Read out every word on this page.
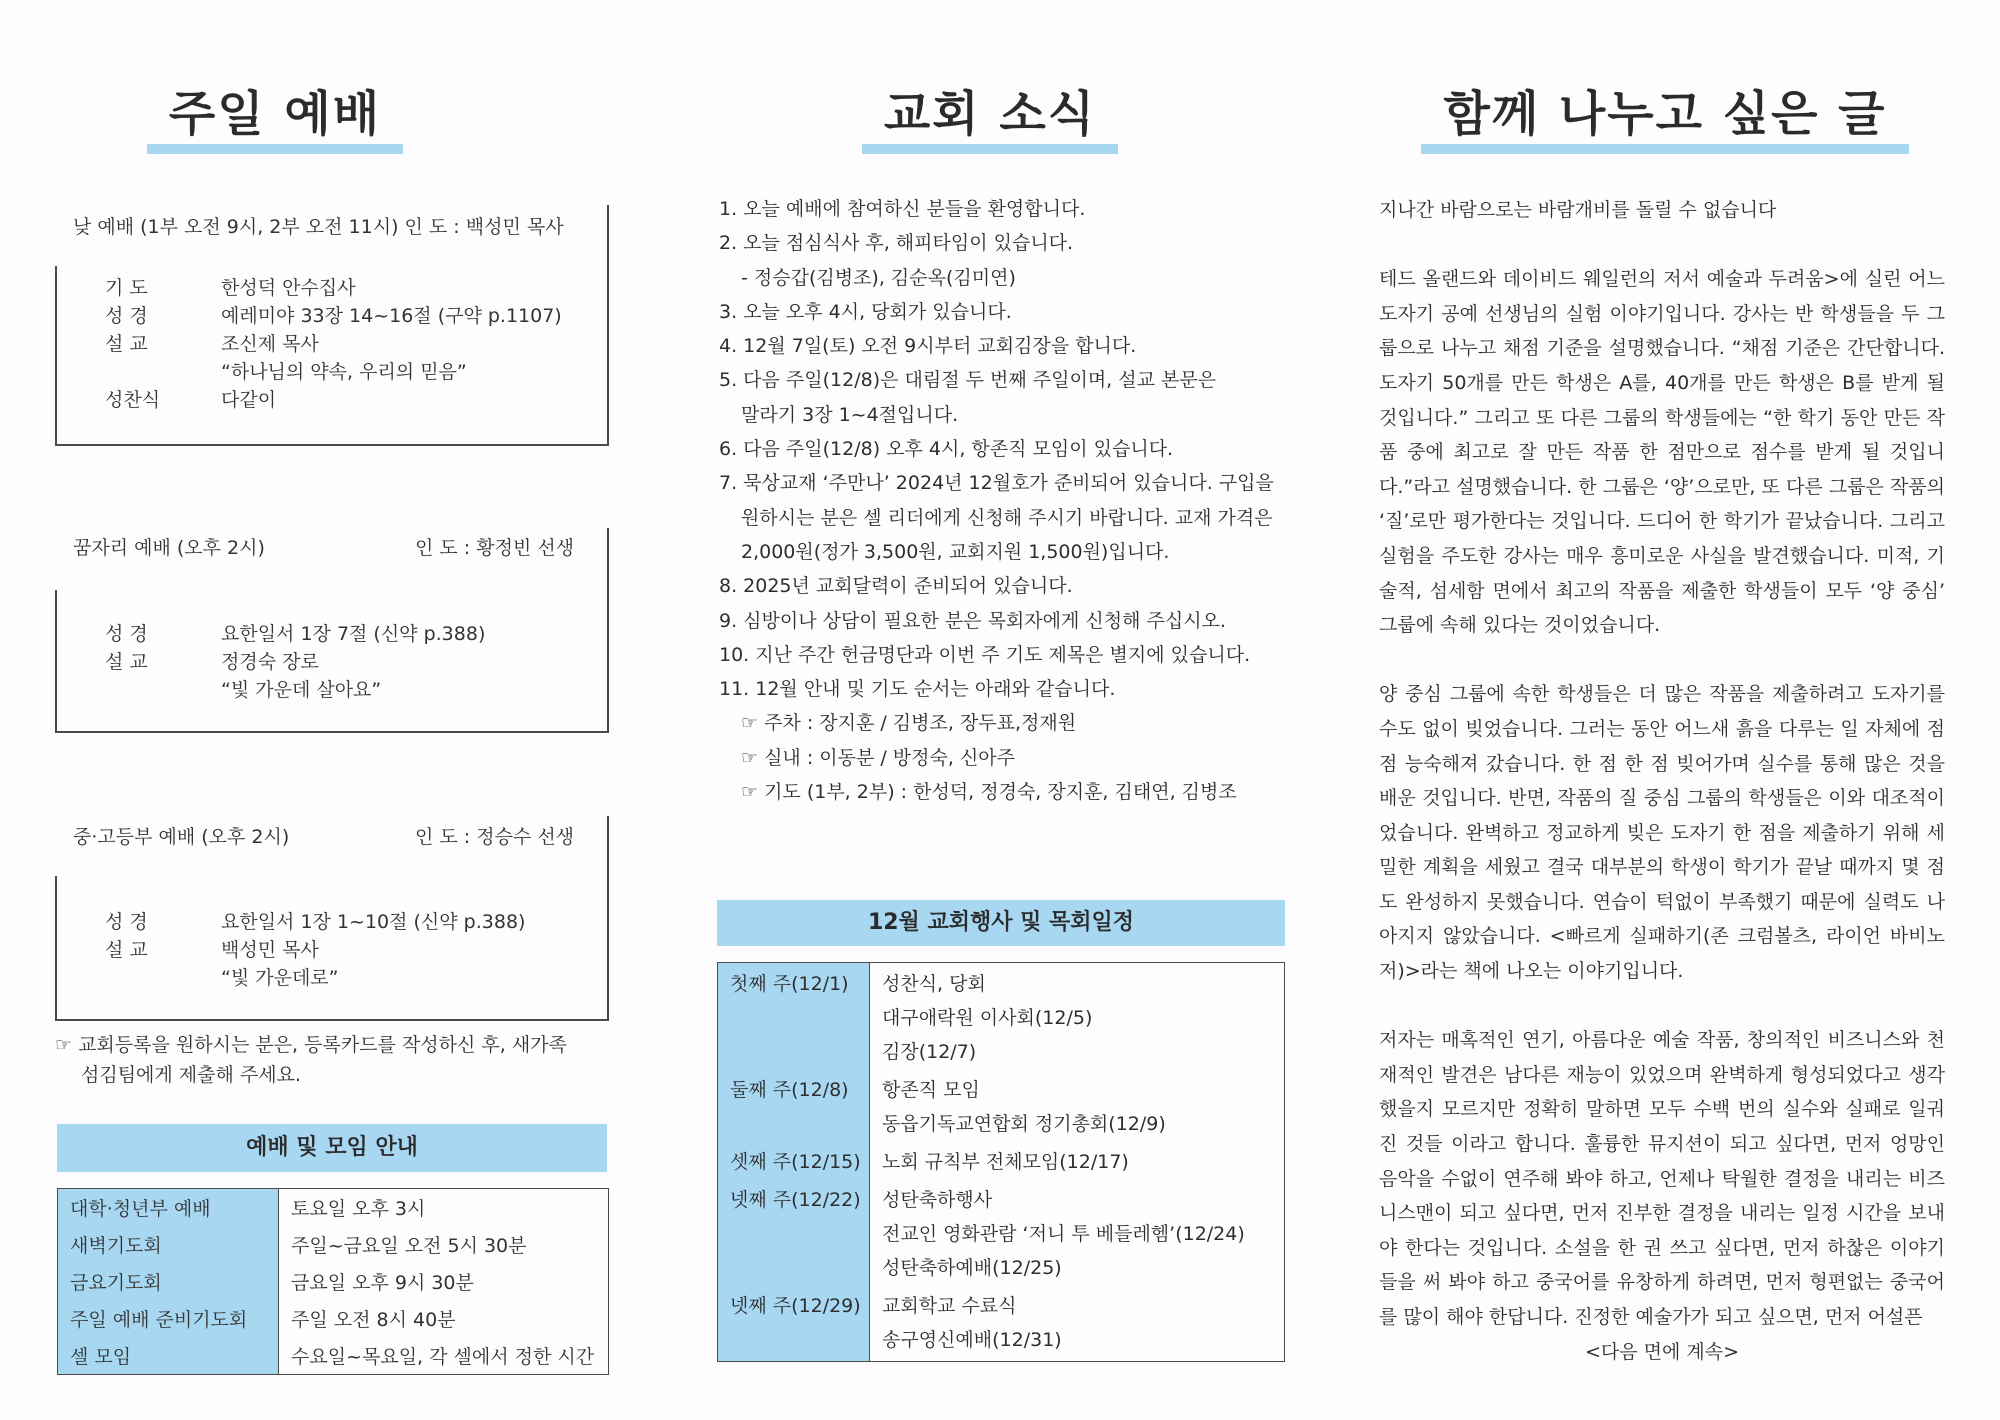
주일 예배
낮 예배 (1부 오전 9시, 2부 오전 11시) 인 도 : 백성민 목사
기 도	한성덕 안수집사
성 경	예레미야 33장 14~16절 (구약 p.1107)
설 교	조신제 목사
“하나님의 약속, 우리의 믿음”
성찬식	다같이
꿈자리 예배 (오후 2시)	인 도 : 황정빈 선생
성 경	요한일서 1장 7절 (신약 p.388)
설 교	정경숙 장로
“빛 가운데 살아요”
중·고등부 예배 (오후 2시)	인 도 : 정승수 선생
성 경	요한일서 1장 1~10절 (신약 p.388)
설 교	백성민 목사
“빛 가운데로”
☞ 교회등록을 원하시는 분은, 등록카드를 작성하신 후, 새가족
섬김팀에게 제출해 주세요.
예배 및 모임 안내
대학·청년부 예배	토요일 오후 3시
새벽기도회	주일~금요일 오전 5시 30분
금요기도회	금요일 오후 9시 30분
주일 예배 준비기도회	주일 오전 8시 40분
셀 모임	수요일~목요일, 각 셀에서 정한 시간
교회 소식
1. 오늘 예배에 참여하신 분들을 환영합니다.
2. 오늘 점심식사 후, 해피타임이 있습니다.
- 정승갑(김병조), 김순옥(김미연)
3. 오늘 오후 4시, 당회가 있습니다.
4. 12월 7일(토) 오전 9시부터 교회김장을 합니다.
5. 다음 주일(12/8)은 대림절 두 번째 주일이며, 설교 본문은
말라기 3장 1~4절입니다.
6. 다음 주일(12/8) 오후 4시, 항존직 모임이 있습니다.
7. 묵상교재 ‘주만나’ 2024년 12월호가 준비되어 있습니다. 구입을
원하시는 분은 셀 리더에게 신청해 주시기 바랍니다. 교재 가격은
2,000원(정가 3,500원, 교회지원 1,500원)입니다.
8. 2025년 교회달력이 준비되어 있습니다.
9. 심방이나 상담이 필요한 분은 목회자에게 신청해 주십시오.
10. 지난 주간 헌금명단과 이번 주 기도 제목은 별지에 있습니다.
11. 12월 안내 및 기도 순서는 아래와 같습니다.
☞ 주차 : 장지훈 / 김병조, 장두표,정재원
☞ 실내 : 이동분 / 방정숙, 신아주
☞ 기도 (1부, 2부) : 한성덕, 정경숙, 장지훈, 김태연, 김병조
12월 교회행사 및 목회일정
첫째 주(12/1)	성찬식, 당회
대구애락원 이사회(12/5)
김장(12/7)
둘째 주(12/8)	항존직 모임
동읍기독교연합회 정기총회(12/9)
셋째 주(12/15)	노회 규칙부 전체모임(12/17)
넷째 주(12/22)	성탄축하행사
전교인 영화관람 ‘저니 투 베들레헴’(12/24)
성탄축하예배(12/25)
넷째 주(12/29)	교회학교 수료식
송구영신예배(12/31)
함께 나누고 싶은 글

지나간 바람으로는 바람개비를 돌릴 수 없습니다

테드 올랜드와 데이비드 웨일런의 저서 예술과 두려움>에 실린 어느 도자기 공예 선생님의 실험 이야기입니다. 강사는 반 학생들을 두 그룹으로 나누고 채점 기준을 설명했습니다. “채점 기준은 간단합니다. 도자기 50개를 만든 학생은 A를, 40개를 만든 학생은 B를 받게 될 것입니다.” 그리고 또 다른 그룹의 학생들에는 “한 학기 동안 만든 작품 중에 최고로 잘 만든 작품 한 점만으로 점수를 받게 될 것입니다.”라고 설명했습니다. 한 그룹은 ‘양’으로만, 또 다른 그룹은 작품의 ‘질’로만 평가한다는 것입니다. 드디어 한 학기가 끝났습니다. 그리고 실험을 주도한 강사는 매우 흥미로운 사실을 발견했습니다. 미적, 기술적, 섬세함 면에서 최고의 작품을 제출한 학생들이 모두 ‘양 중심’ 그룹에 속해 있다는 것이었습니다.

양 중심 그룹에 속한 학생들은 더 많은 작품을 제출하려고 도자기를 수도 없이 빚었습니다. 그러는 동안 어느새 흙을 다루는 일 자체에 점점 능숙해져 갔습니다. 한 점 한 점 빚어가며 실수를 통해 많은 것을 배운 것입니다. 반면, 작품의 질 중심 그룹의 학생들은 이와 대조적이었습니다. 완벽하고 정교하게 빚은 도자기 한 점을 제출하기 위해 세밀한 계획을 세웠고 결국 대부분의 학생이 학기가 끝날 때까지 몇 점도 완성하지 못했습니다. 연습이 턱없이 부족했기 때문에 실력도 나아지지 않았습니다. <빠르게 실패하기(존 크럼볼츠, 라이언 바비노 저)>라는 책에 나오는 이야기입니다.

저자는 매혹적인 연기, 아름다운 예술 작품, 창의적인 비즈니스와 천재적인 발견은 남다른 재능이 있었으며 완벽하게 형성되었다고 생각했을지 모르지만 정확히 말하면 모두 수백 번의 실수와 실패로 일궈진 것들 이라고 합니다. 훌륭한 뮤지션이 되고 싶다면, 먼저 엉망인 음악을 수없이 연주해 봐야 하고, 언제나 탁월한 결정을 내리는 비즈니스맨이 되고 싶다면, 먼저 진부한 결정을 내리는 일정 시간을 보내야 한다는 것입니다. 소설을 한 권 쓰고 싶다면, 먼저 하찮은 이야기들을 써 봐야 하고 중국어를 유창하게 하려면, 먼저 형편없는 중국어를 많이 해야 한답니다. 진정한 예술가가 되고 싶으면, 먼저 어설픈

<다음 면에 계속>
